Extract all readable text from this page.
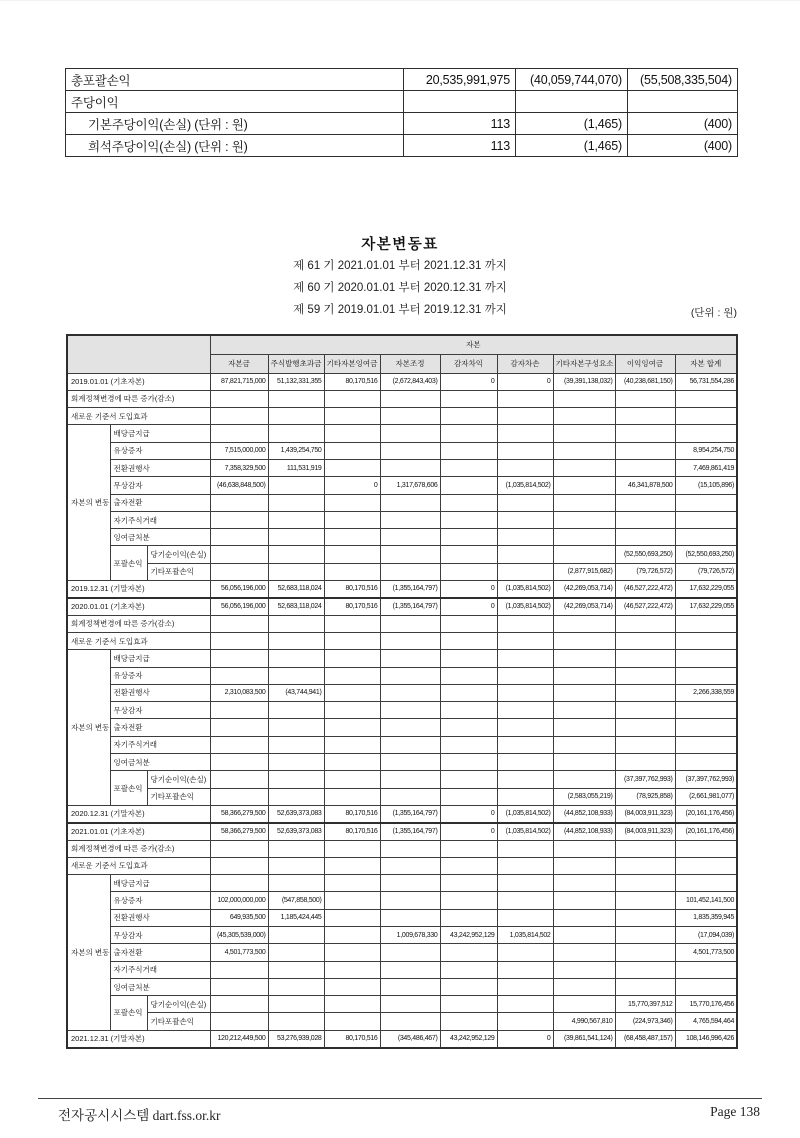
총포괄손익	20,535,991,975	(40,059,744,070)	(55,508,335,504)
주당이익			
기본주당이익(손실) (단위 : 원)	113	(1,465)	(400)
희석주당이익(손실) (단위 : 원)	113	(1,465)	(400)
자본변동표
제 61 기 2021.01.01 부터 2021.12.31 까지
제 60 기 2020.01.01 부터 2020.12.31 까지
제 59 기 2019.01.01 부터 2019.12.31 까지	(단위 : 원)
			자본								
			자본금	주식발행초과금	기타자본잉여금	자본조정	감자차익	감자차손	기타자본구성요소	이익잉여금	자본 합계
2019.01.01 (기초자본)			87,821,715,000	51,132,331,355	80,170,516	(2,672,843,403)	0	0	(39,391,138,032)	(40,238,681,150)	56,731,554,286
회계정책변경에 따른 증가(감소)											
새로운 기준서 도입효과											
자본의 변동	배당금지급										
	유상증자		7,515,000,000	1,439,254,750							8,954,254,750
	전환권행사		7,358,329,500	111,531,919							7,469,861,419
	무상감자		(46,638,848,500)		0	1,317,678,606		(1,035,814,502)		46,341,878,500	(15,105,896)
	출자전환										
	자기주식거래										
	잉여금처분										
	포괄손익	당기순이익(손실)								(52,550,693,250)	(52,550,693,250)
		기타포괄손익							(2,877,915,682)	(79,726,572)	(79,726,572)
2019.12.31 (기말자본)			56,056,196,000	52,683,118,024	80,170,516	(1,355,164,797)	0	(1,035,814,502)	(42,269,053,714)	(46,527,222,472)	17,632,229,055
2020.01.01 (기초자본)			56,056,196,000	52,683,118,024	80,170,516	(1,355,164,797)	0	(1,035,814,502)	(42,269,053,714)	(46,527,222,472)	17,632,229,055
회계정책변경에 따른 증가(감소)											
새로운 기준서 도입효과											
자본의 변동	배당금지급										
	유상증자										
	전환권행사		2,310,083,500	(43,744,941)							2,266,338,559
	무상감자										
	출자전환										
	자기주식거래										
	잉여금처분										
	포괄손익	당기순이익(손실)								(37,397,762,993)	(37,397,762,993)
		기타포괄손익							(2,583,055,219)	(78,925,858)	(2,661,981,077)
2020.12.31 (기말자본)			58,366,279,500	52,639,373,083	80,170,516	(1,355,164,797)	0	(1,035,814,502)	(44,852,108,933)	(84,003,911,323)	(20,161,176,456)
2021.01.01 (기초자본)			58,366,279,500	52,639,373,083	80,170,516	(1,355,164,797)	0	(1,035,814,502)	(44,852,108,933)	(84,003,911,323)	(20,161,176,456)
회계정책변경에 따른 증가(감소)											
새로운 기준서 도입효과											
자본의 변동	배당금지급										
	유상증자		102,000,000,000	(547,858,500)							101,452,141,500
	전환권행사		649,935,500	1,185,424,445							1,835,359,945
	무상감자		(45,305,539,000)			1,009,678,330	43,242,952,129	1,035,814,502			(17,094,039)
	출자전환		4,501,773,500								4,501,773,500
	자기주식거래										
	잉여금처분										
	포괄손익	당기순이익(손실)								15,770,397,512	15,770,176,456
		기타포괄손익							4,990,567,810	(224,973,346)	4,765,594,464
2021.12.31 (기말자본)			120,212,449,500	53,276,939,028	80,170,516	(345,486,467)	43,242,952,129	0	(39,861,541,124)	(68,458,487,157)	108,146,996,426
전자공시시스템 dart.fss.or.kr	Page 138
